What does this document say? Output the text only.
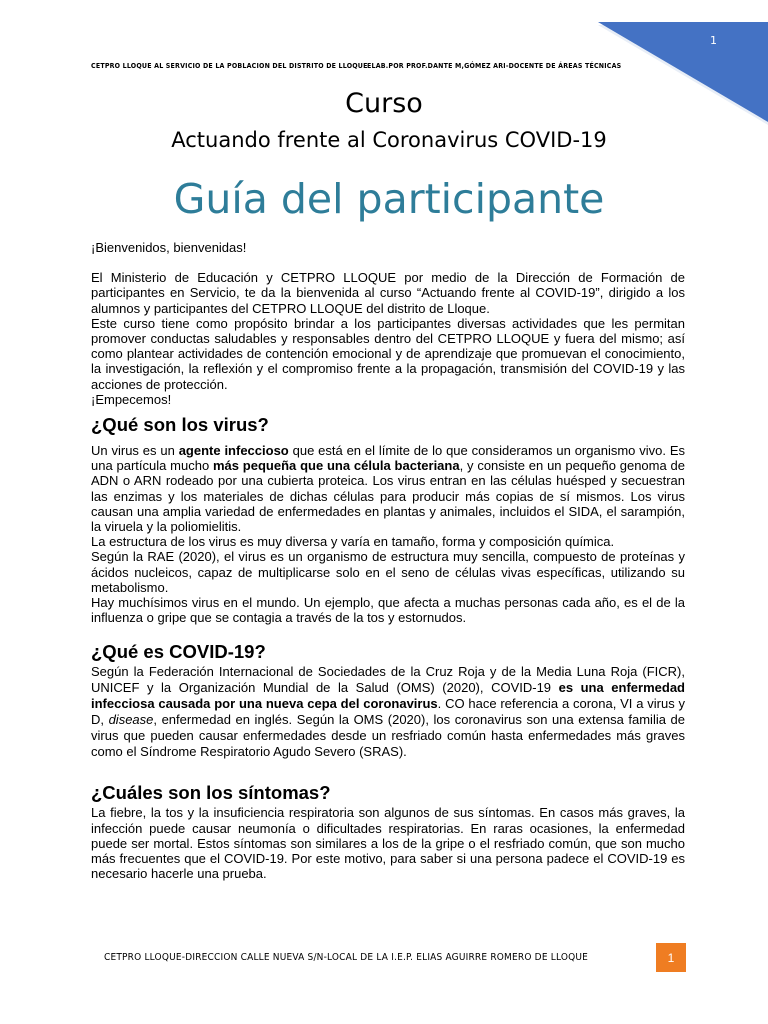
1
CETPRO LLOQUE AL SERVICIO DE LA POBLACION DEL DISTRITO DE LLOQUE ELAB.POR PROF.DANTE M,GÓMEZ ARI-DOCENTE DE ÁREAS TÉCNICAS
Curso
Actuando frente al Coronavirus COVID-19
Guía del participante

¡Bienvenidos, bienvenidas!

El Ministerio de Educación y CETPRO LLOQUE por medio de la Dirección de Formación de participantes en Servicio, te da la bienvenida al curso “Actuando frente al COVID-19”, dirigido a los alumnos y participantes del CETPRO LLOQUE del distrito de Lloque.

Este curso tiene como propósito brindar a los participantes diversas actividades que les permitan promover conductas saludables y responsables dentro del CETPRO LLOQUE y fuera del mismo; así como plantear actividades de contención emocional y de aprendizaje que promuevan el conocimiento, la investigación, la reflexión y el compromiso frente a la propagación, transmisión del COVID-19 y las acciones de protección.

¡Empecemos!

¿Qué son los virus?

Un virus es un agente infeccioso que está en el límite de lo que consideramos un organismo vivo. Es una partícula mucho más pequeña que una célula bacteriana, y consiste en un pequeño genoma de ADN o ARN rodeado por una cubierta proteica. Los virus entran en las células huésped y secuestran las enzimas y los materiales de dichas células para producir más copias de sí mismos. Los virus causan una amplia variedad de enfermedades en plantas y animales, incluidos el SIDA, el sarampión, la viruela y la poliomielitis.

La estructura de los virus es muy diversa y varía en tamaño, forma y composición química.

Según la RAE (2020), el virus es un organismo de estructura muy sencilla, compuesto de proteínas y ácidos nucleicos, capaz de multiplicarse solo en el seno de células vivas específicas, utilizando su metabolismo.

Hay muchísimos virus en el mundo. Un ejemplo, que afecta a muchas personas cada año, es el de la influenza o gripe que se contagia a través de la tos y estornudos.

¿Qué es COVID-19?

Según la Federación Internacional de Sociedades de la Cruz Roja y de la Media Luna Roja (FICR), UNICEF y la Organización Mundial de la Salud (OMS) (2020), COVID-19 es una enfermedad infecciosa causada por una nueva cepa del coronavirus. CO hace referencia a corona, VI a virus y D, disease, enfermedad en inglés. Según la OMS (2020), los coronavirus son una extensa familia de virus que pueden causar enfermedades desde un resfriado común hasta enfermedades más graves como el Síndrome Respiratorio Agudo Severo (SRAS).

¿Cuáles son los síntomas?

La fiebre, la tos y la insuficiencia respiratoria son algunos de sus síntomas. En casos más graves, la infección puede causar neumonía o dificultades respiratorias. En raras ocasiones, la enfermedad puede ser mortal. Estos síntomas son similares a los de la gripe o el resfriado común, que son mucho más frecuentes que el COVID-19. Por este motivo, para saber si una persona padece el COVID-19 es necesario hacerle una prueba.

CETPRO LLOQUE-DIRECCION CALLE NUEVA S/N-LOCAL DE LA I.E.P. ELIAS AGUIRRE ROMERO DE LLOQUE	1
